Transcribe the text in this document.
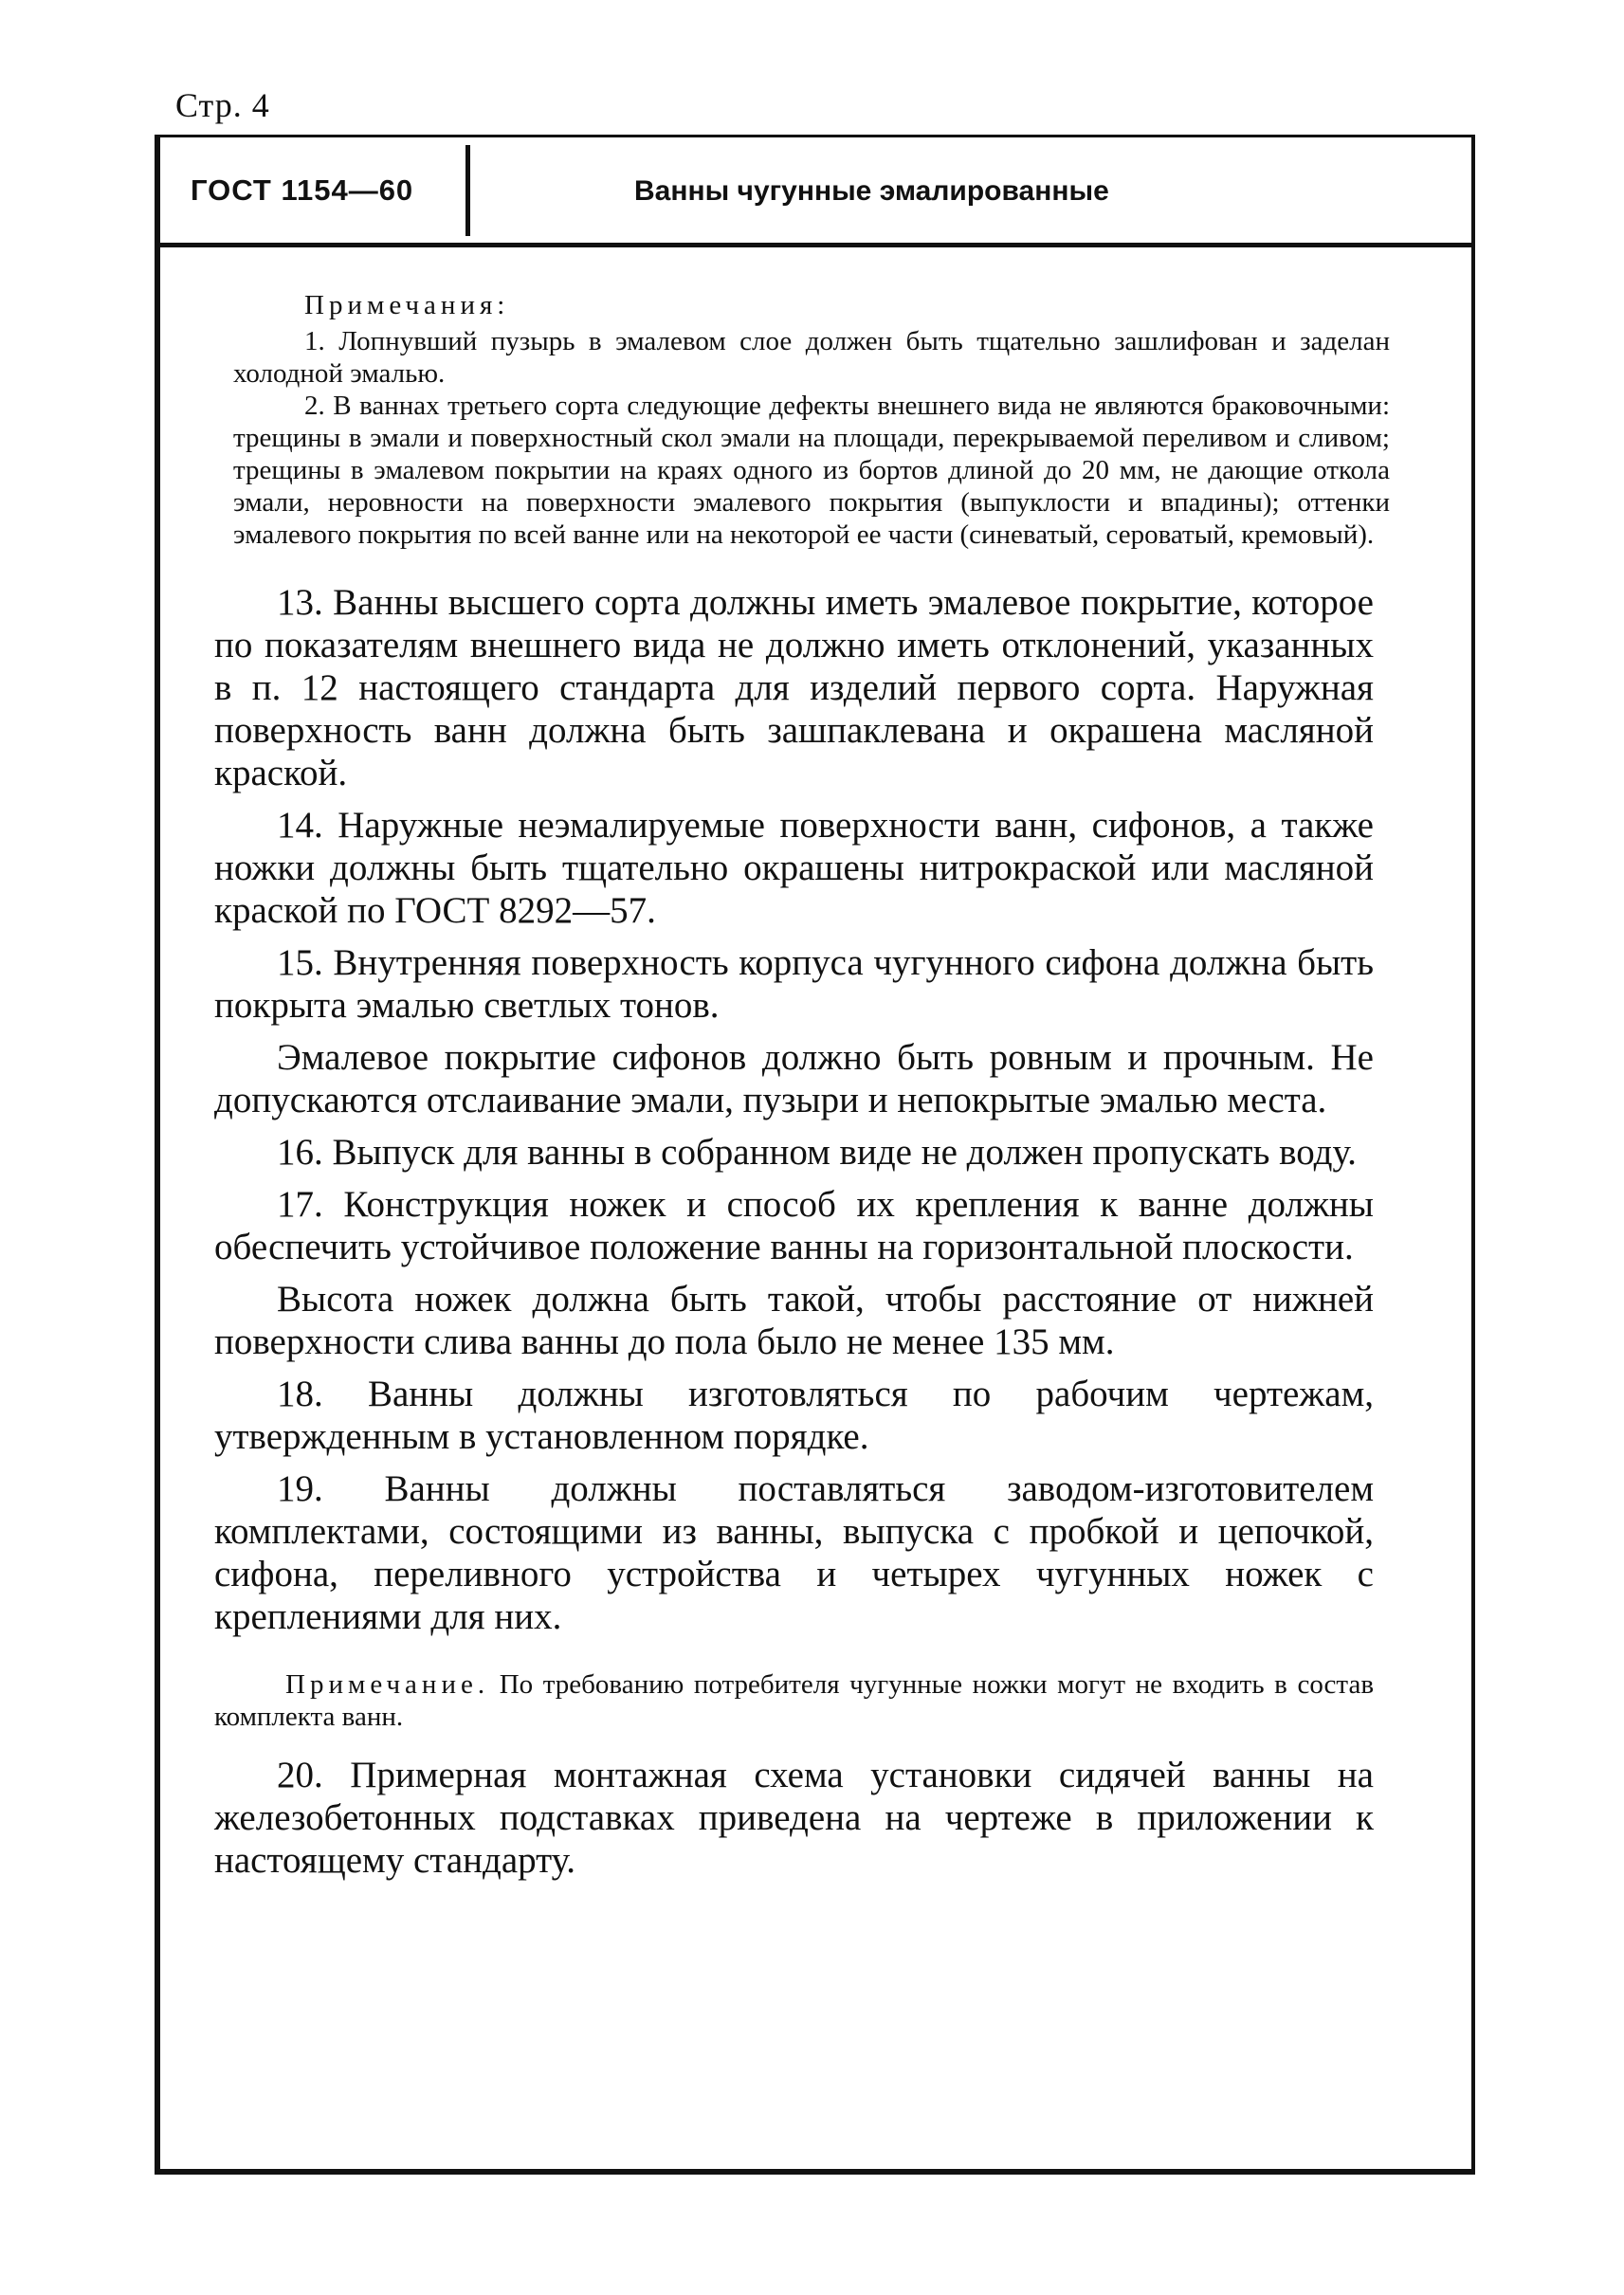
Стр. 4
ГОСТ 1154—60	Ванны чугунные эмалированные

Примечания:

1. Лопнувший пузырь в эмалевом слое должен быть тщательно зашлифован и заделан холодной эмалью.

2. В ваннах третьего сорта следующие дефекты внешнего вида не являются браковочными: трещины в эмали и поверхностный скол эмали на площади, перекрываемой переливом и сливом; трещины в эмалевом покрытии на краях одного из бортов длиной до 20 мм, не дающие откола эмали, неровности на поверхности эмалевого покрытия (выпуклости и впадины); оттенки эмалевого покрытия по всей ванне или на некоторой ее части (синеватый, сероватый, кремовый).

13. Ванны высшего сорта должны иметь эмалевое покрытие, которое по показателям внешнего вида не должно иметь отклонений, указанных в п. 12 настоящего стандарта для изделий первого сорта. Наружная поверхность ванн должна быть зашпаклевана и окрашена масляной краской.

14. Наружные неэмалируемые поверхности ванн, сифонов, а также ножки должны быть тщательно окрашены нитрокраской или масляной краской по ГОСТ 8292—57.

15. Внутренняя поверхность корпуса чугунного сифона должна быть покрыта эмалью светлых тонов.

Эмалевое покрытие сифонов должно быть ровным и прочным. Не допускаются отслаивание эмали, пузыри и непокрытые эмалью места.

16. Выпуск для ванны в собранном виде не должен пропускать воду.

17. Конструкция ножек и способ их крепления к ванне должны обеспечить устойчивое положение ванны на горизонтальной плоскости.

Высота ножек должна быть такой, чтобы расстояние от нижней поверхности слива ванны до пола было не менее 135 мм.

18. Ванны должны изготовляться по рабочим чертежам, утвержденным в установленном порядке.

19. Ванны должны поставляться заводом-изготовителем комплектами, состоящими из ванны, выпуска с пробкой и цепочкой, сифона, переливного устройства и четырех чугунных ножек с креплениями для них.

Примечание. По требованию потребителя чугунные ножки могут не входить в состав комплекта ванн.

20. Примерная монтажная схема установки сидячей ванны на железобетонных подставках приведена на чертеже в приложении к настоящему стандарту.
